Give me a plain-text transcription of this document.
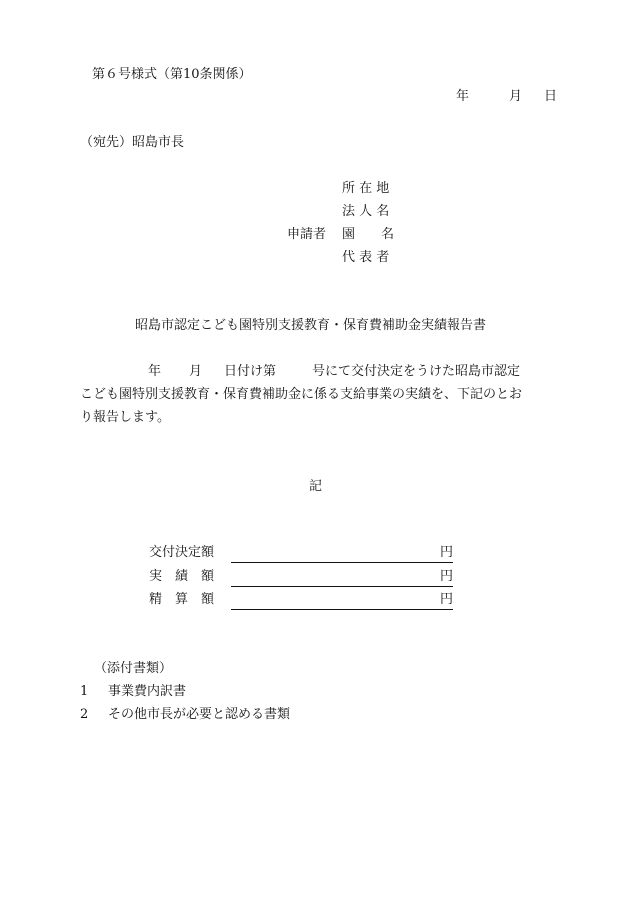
第６号様式（第10条関係）
年	月 日
（宛先）昭島市長
所 在 地
法 人 名
申請者 園　　名
代 表 者
昭島市認定こども園特別支援教育・保育費補助金実績報告書
年 月 日付け第	号にて交付決定をうけた昭島市認定
こども園特別支援教育・保育費補助金に係る支給事業の実績を、下記のとお
り報告します。
記
交付決定額	円
実　績　額	円
精　算　額	円
（添付書類）
1 事業費内訳書
2 その他市長が必要と認める書類
